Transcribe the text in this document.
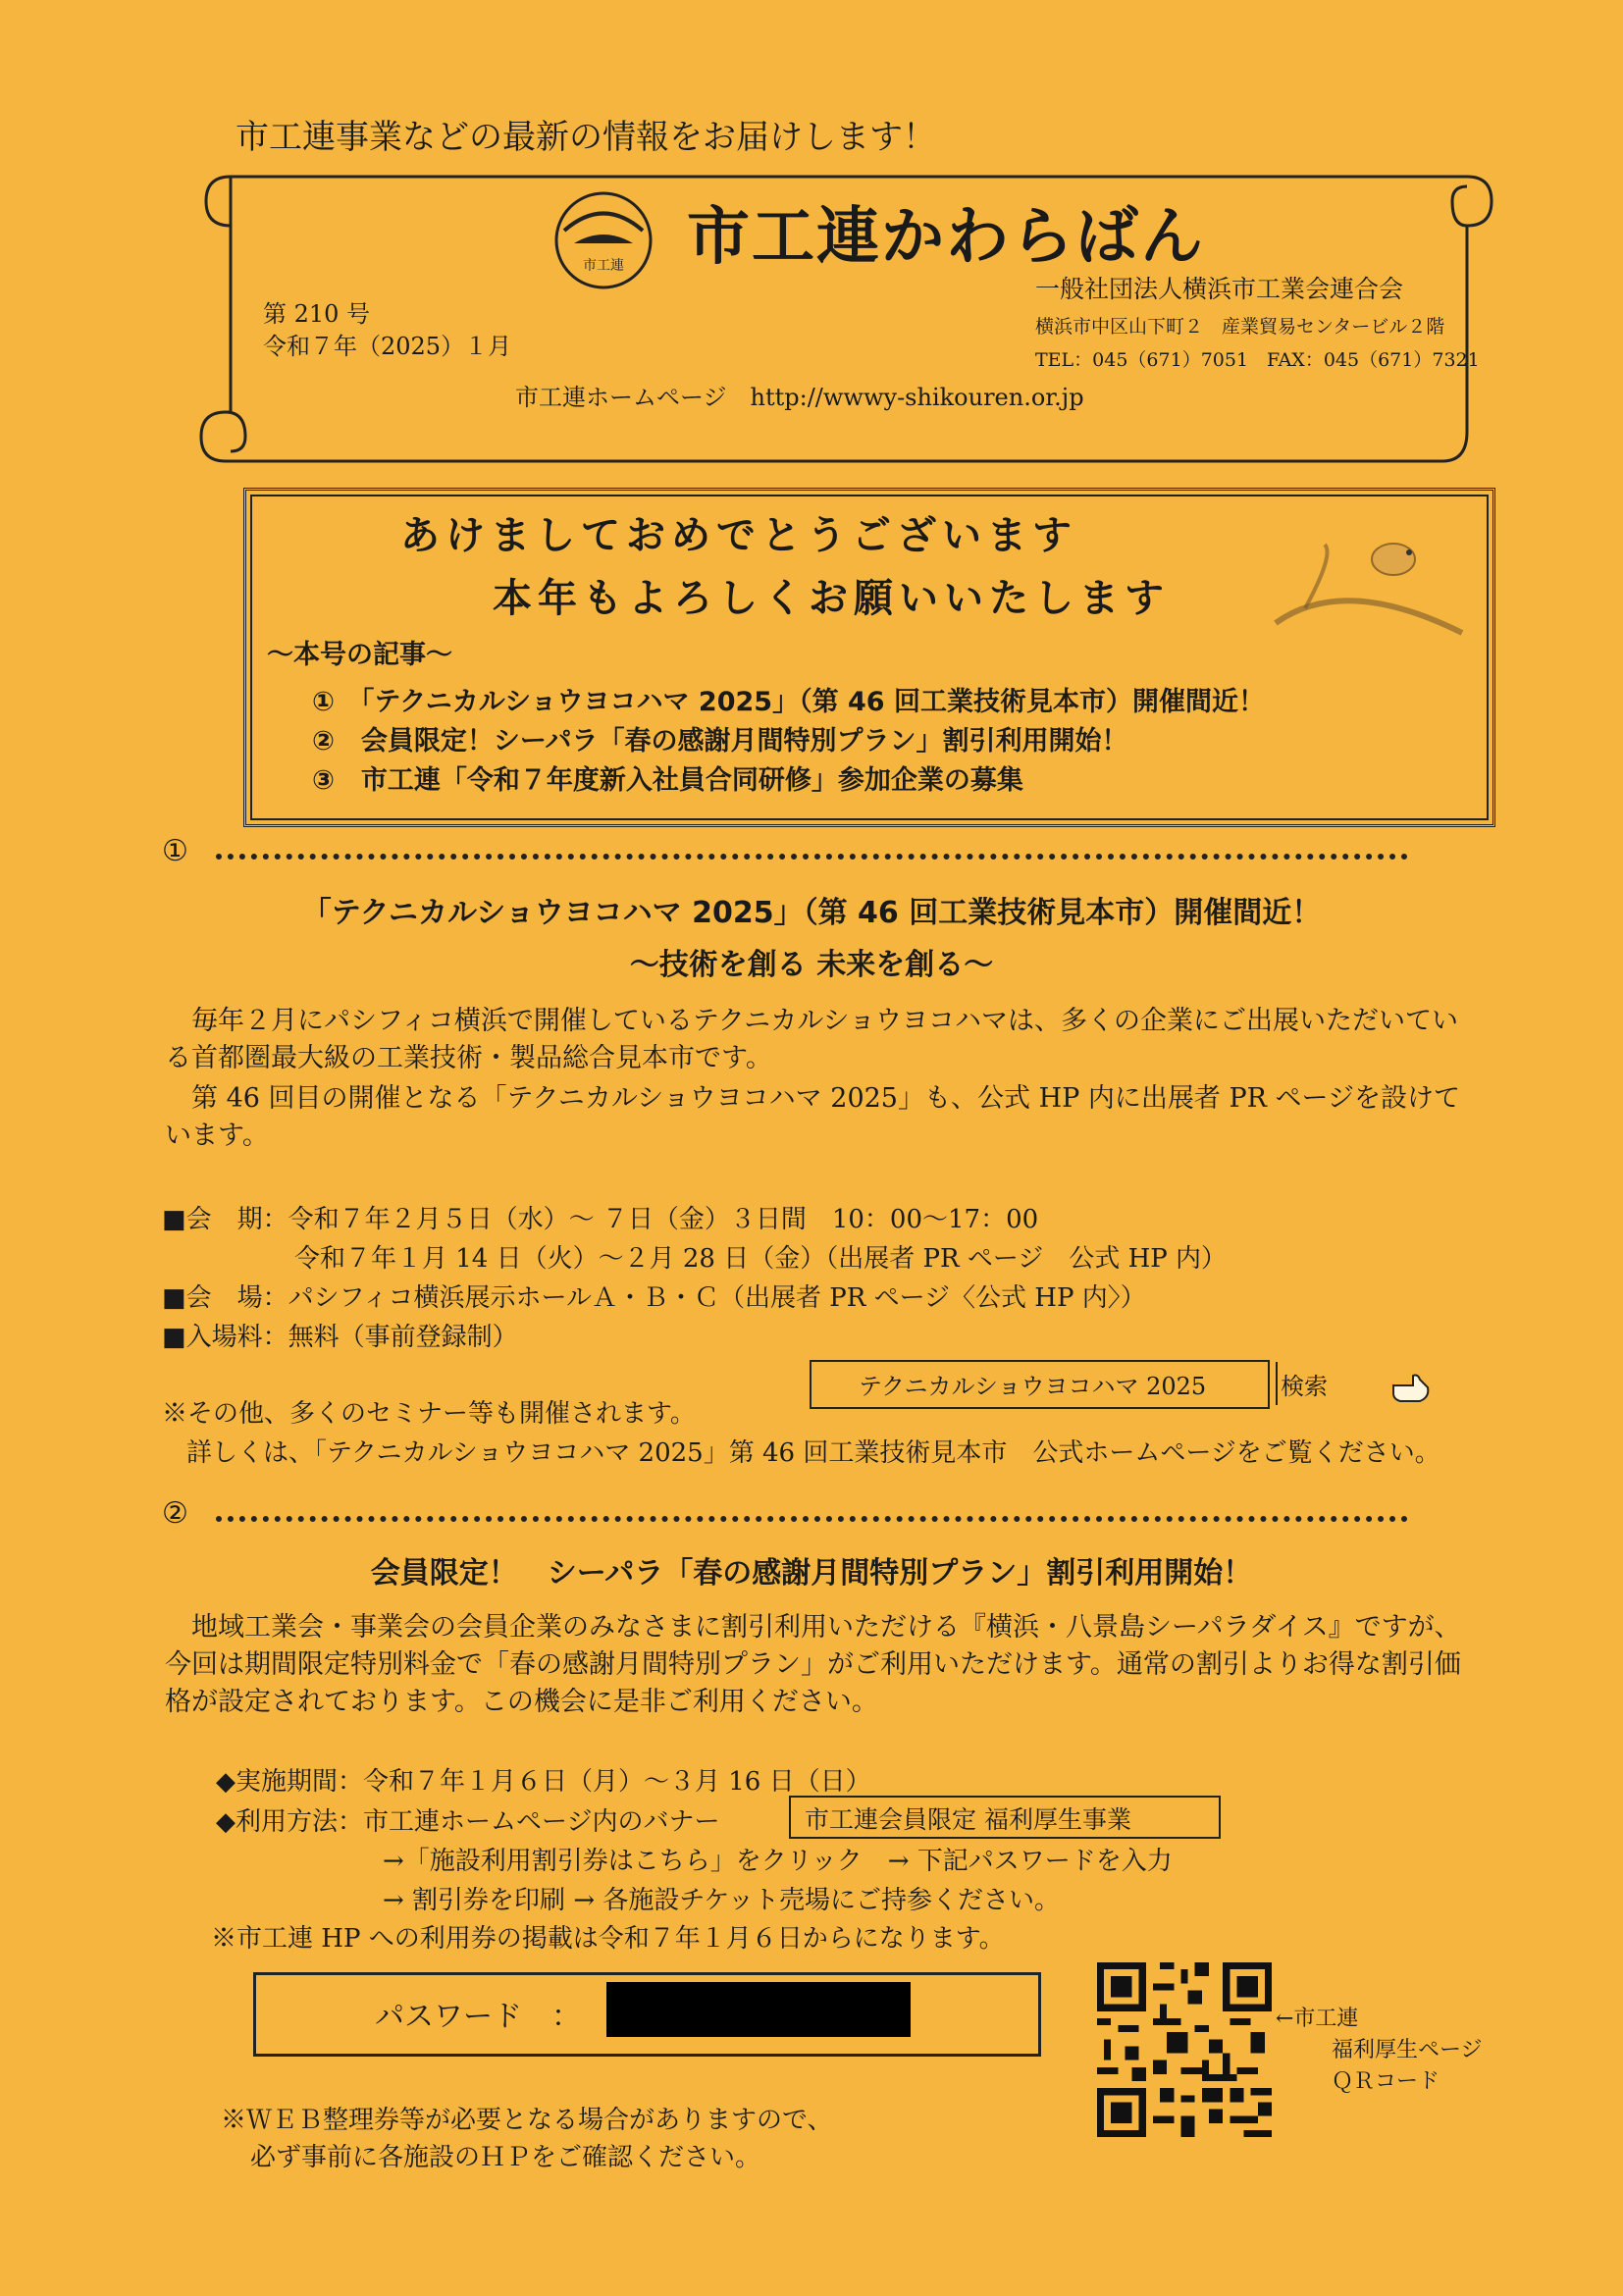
市工連事業などの最新の情報をお届けします！
市工連 市工連かわらばん
一般社団法人横浜市工業会連合会
横浜市中区山下町２　産業貿易センタービル２階
TEL：045（671）7051　FAX：045（671）7321
第 210 号
令和７年（2025）１月
市工連ホームページ　http://wwwy-shikouren.or.jp
あけましておめでとうございます
本年もよろしくお願いいたします
～本号の記事～
①　「テクニカルショウヨコハマ 2025」（第 46 回工業技術見本市）開催間近！
②　会員限定！シーパラ「春の感謝月間特別プラン」割引利用開始！
③　市工連「令和７年度新入社員合同研修」参加企業の募集
①
「テクニカルショウヨコハマ 2025」（第 46 回工業技術見本市）開催間近！
～技術を創る 未来を創る～
毎年２月にパシフィコ横浜で開催しているテクニカルショウヨコハマは、多くの企業にご出展いただいている首都圏最大級の工業技術・製品総合見本市です。
第 46 回目の開催となる「テクニカルショウヨコハマ 2025」も、公式 HP 内に出展者 PR ページを設けています。
■会　期：令和７年２月５日（水）～ ７日（金）３日間　10：00～17：00
令和７年１月 14 日（火）～２月 28 日（金）（出展者 PR ページ　公式 HP 内）
■会　場：パシフィコ横浜展示ホールＡ・Ｂ・Ｃ（出展者 PR ページ〈公式 HP 内〉）
■入場料：無料（事前登録制）
テクニカルショウヨコハマ 2025	検索
※その他、多くのセミナー等も開催されます。
詳しくは、「テクニカルショウヨコハマ 2025」第 46 回工業技術見本市　公式ホームページをご覧ください。
②
会員限定！　シーパラ「春の感謝月間特別プラン」割引利用開始！
地域工業会・事業会の会員企業のみなさまに割引利用いただける『横浜・八景島シーパラダイス』ですが、今回は期間限定特別料金で「春の感謝月間特別プラン」がご利用いただけます。通常の割引よりお得な割引価格が設定されております。この機会に是非ご利用ください。
◆実施期間：令和７年１月６日（月）～３月 16 日（日）
◆利用方法：市工連ホームページ内のバナー	市工連会員限定 福利厚生事業
→「施設利用割引券はこちら」をクリック　→ 下記パスワードを入力
→ 割引券を印刷 → 各施設チケット売場にご持参ください。
※市工連 HP への利用券の掲載は令和７年１月６日からになります。
パスワード　：	←市工連
福利厚生ページ
ＱＲコード
※ＷＥＢ整理券等が必要となる場合がありますので、
必ず事前に各施設のＨＰをご確認ください。
